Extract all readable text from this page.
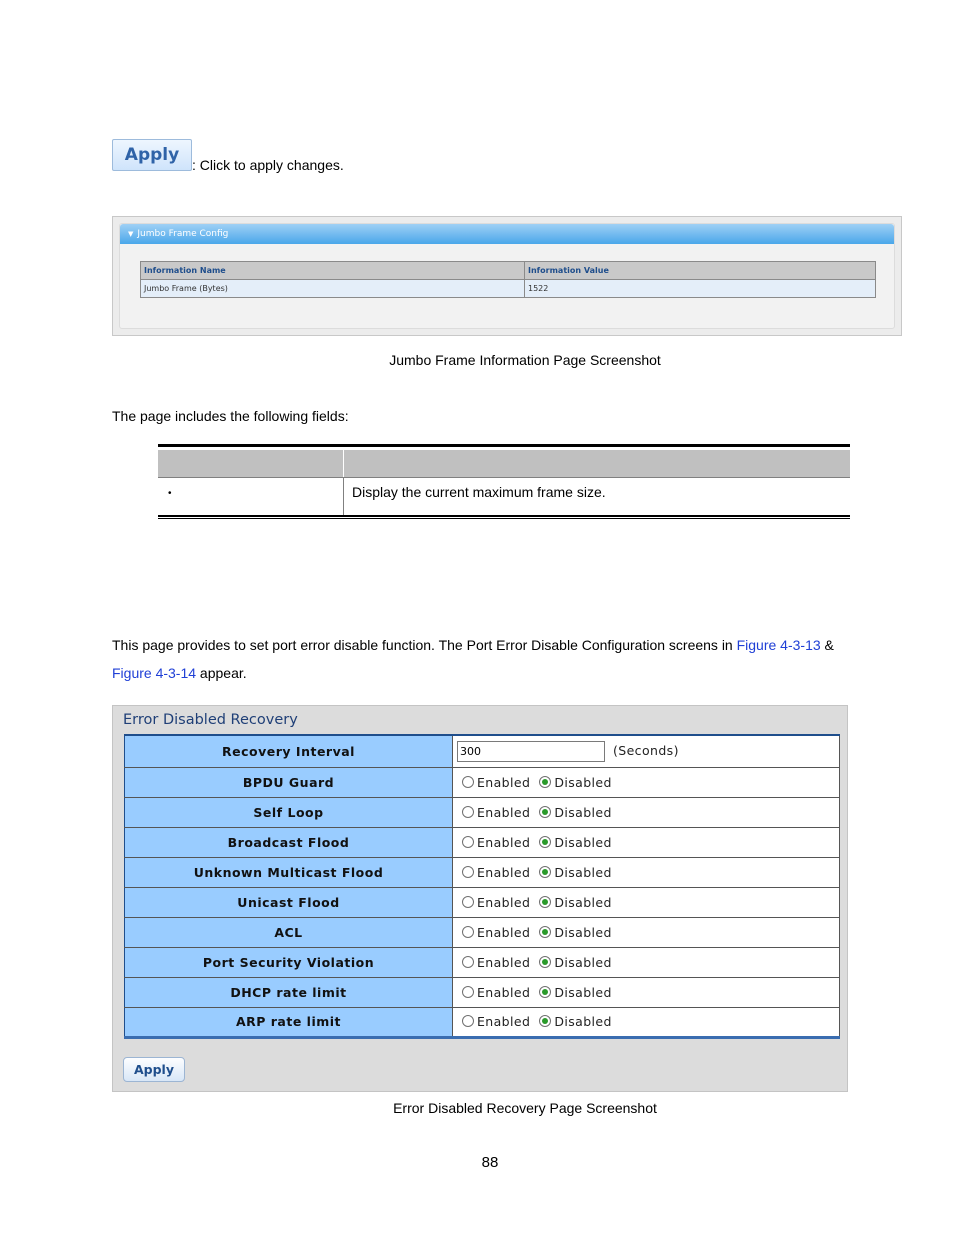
Apply : Click to apply changes.
▼ Jumbo Frame Config
Information Name	Information Value
Jumbo Frame (Bytes)	1522
Jumbo Frame Information Page Screenshot
The page includes the following fields:
•	Display the current maximum frame size.
This page provides to set port error disable function. The Port Error Disable Configuration screens in Figure 4-3-13 &
Figure 4-3-14 appear.
Error Disabled Recovery
Recovery Interval	300(Seconds)
BPDU Guard	Enabled Disabled
Self Loop	Enabled Disabled
Broadcast Flood	Enabled Disabled
Unknown Multicast Flood	Enabled Disabled
Unicast Flood	Enabled Disabled
ACL	Enabled Disabled
Port Security Violation	Enabled Disabled
DHCP rate limit	Enabled Disabled
ARP rate limit	Enabled Disabled
Apply
Error Disabled Recovery Page Screenshot
88
